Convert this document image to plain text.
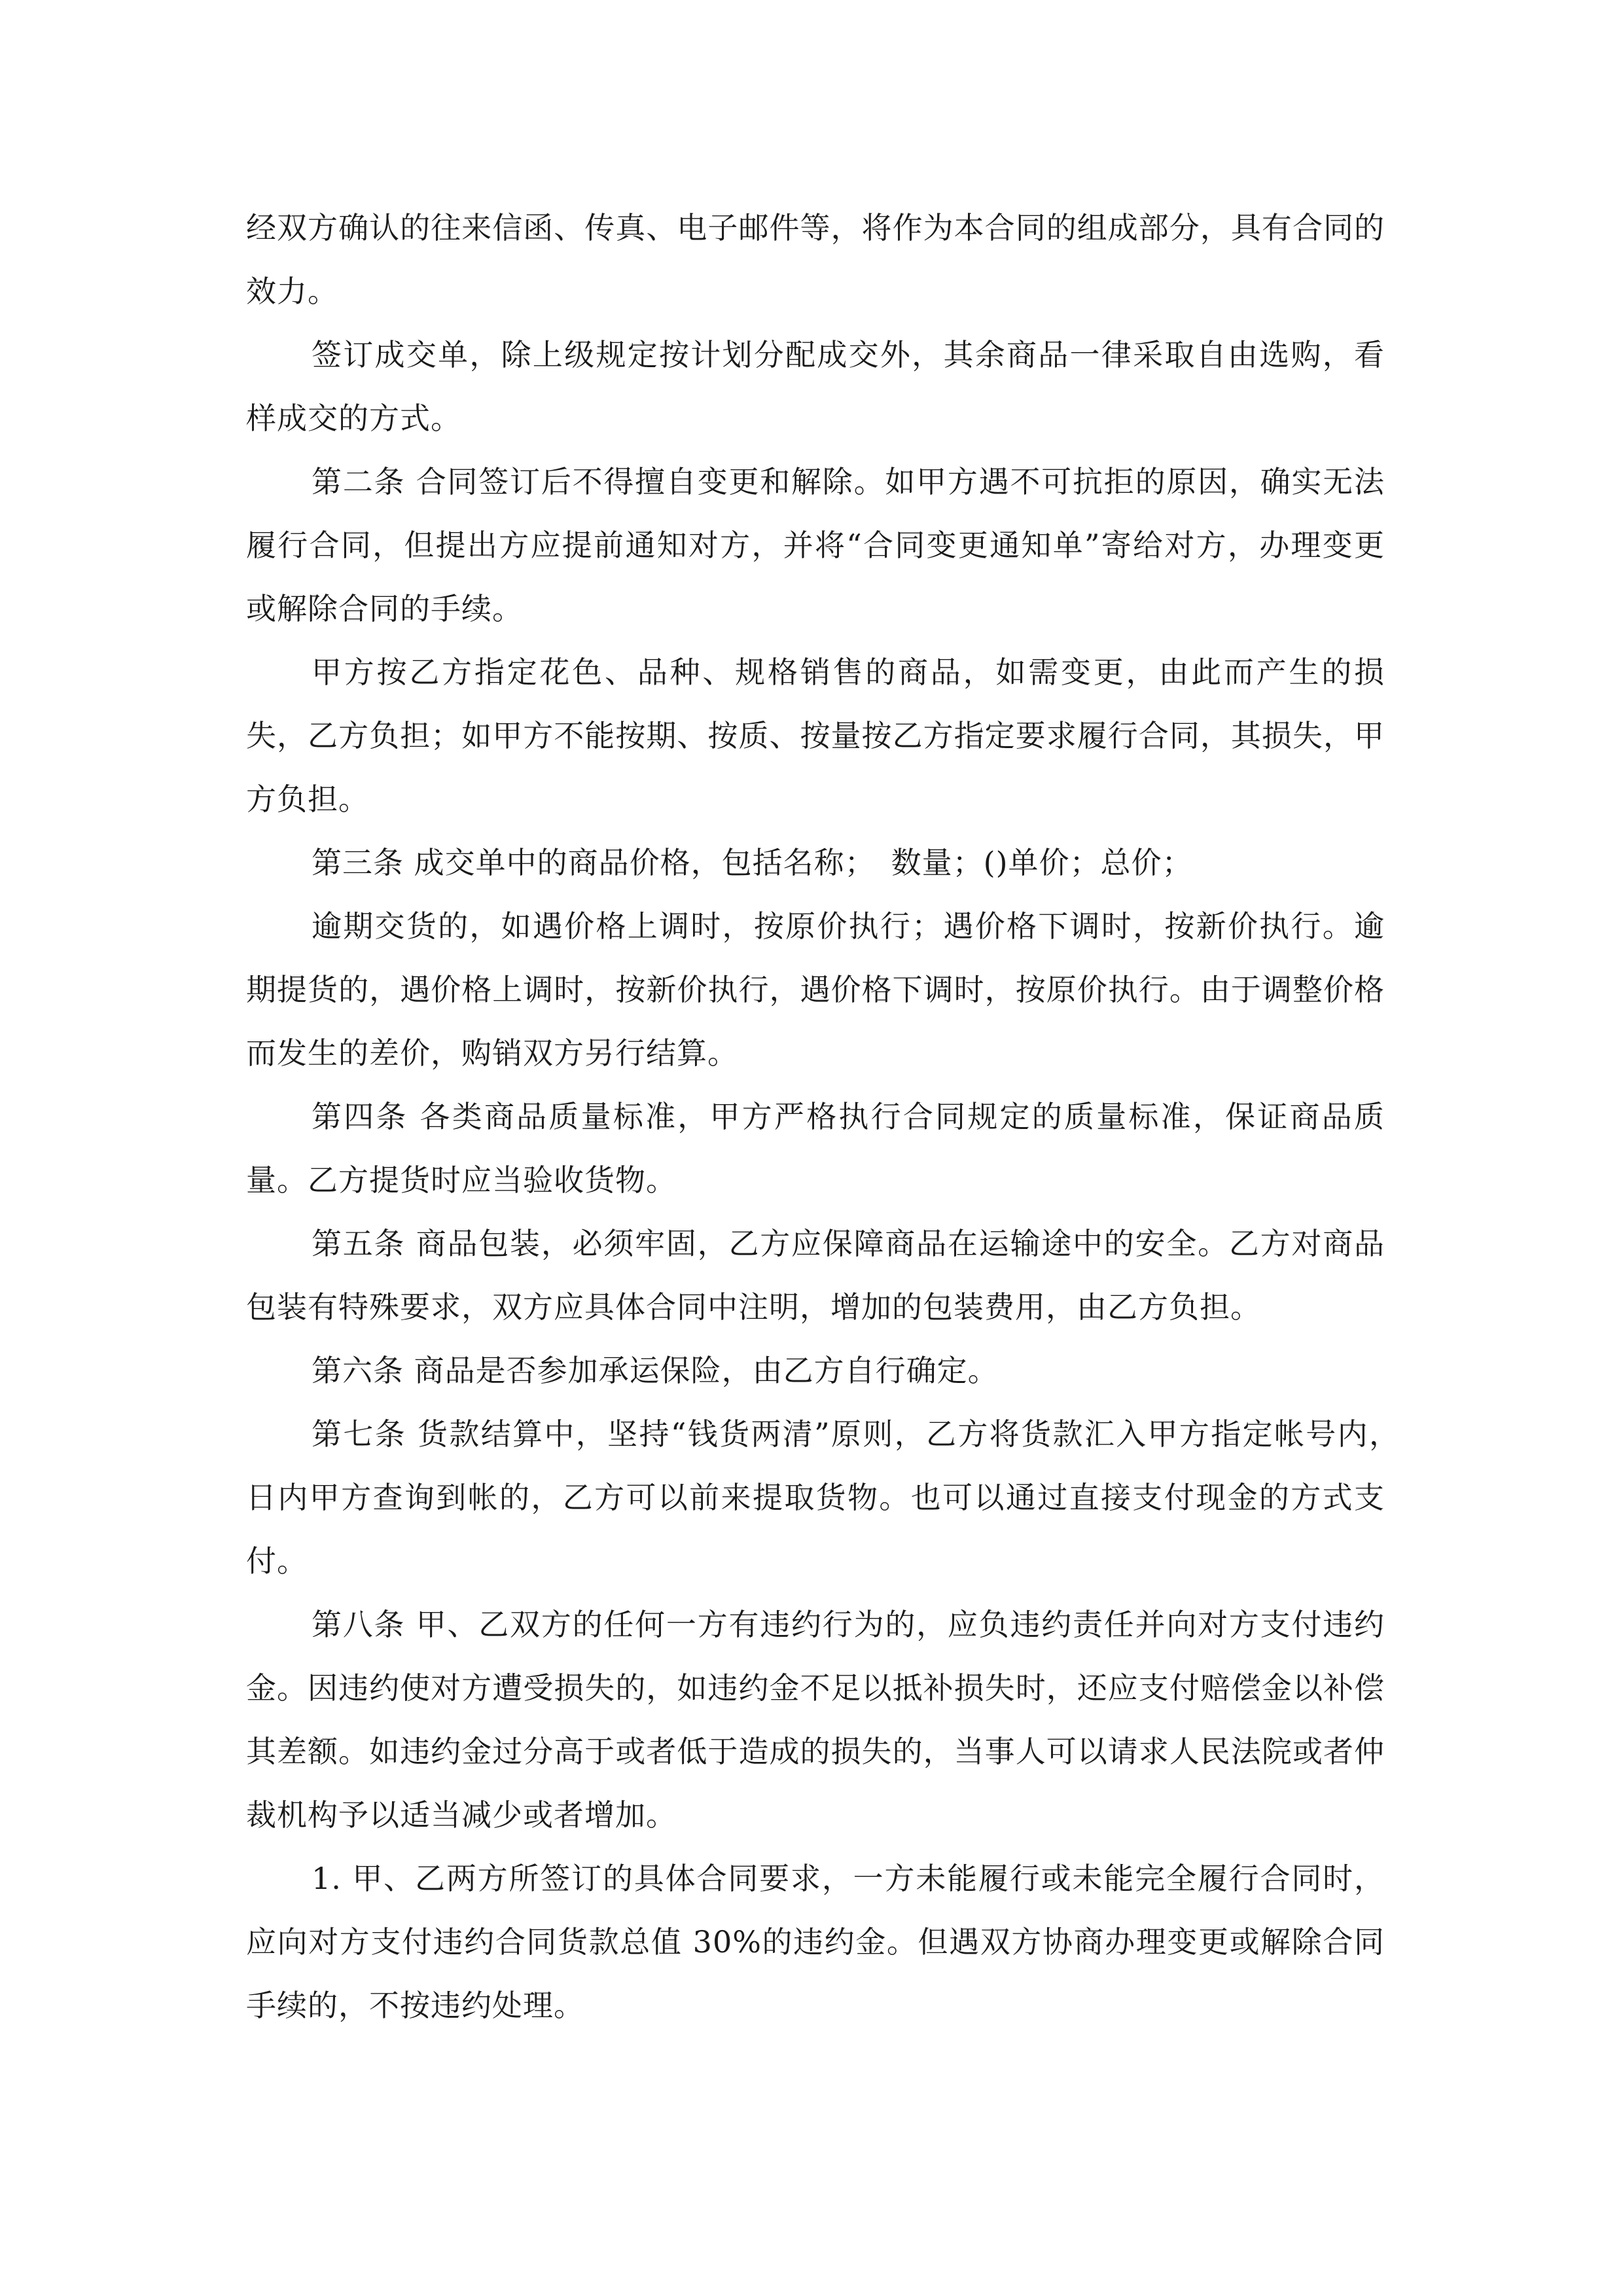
经双方确认的往来信函、传真、电子邮件等，将作为本合同的组成部分，具有合同的效力。

签订成交单，除上级规定按计划分配成交外，其余商品一律采取自由选购，看样成交的方式。

第二条 合同签订后不得擅自变更和解除。如甲方遇不可抗拒的原因，确实无法履行合同，但提出方应提前通知对方，并将“合同变更通知单”寄给对方，办理变更或解除合同的手续。

甲方按乙方指定花色、品种、规格销售的商品，如需变更，由此而产生的损失，乙方负担；如甲方不能按期、按质、按量按乙方指定要求履行合同，其损失，甲方负担。

第三条 成交单中的商品价格，包括名称；　数量；()单价；总价；

逾期交货的，如遇价格上调时，按原价执行；遇价格下调时，按新价执行。逾期提货的，遇价格上调时，按新价执行，遇价格下调时，按原价执行。由于调整价格而发生的差价，购销双方另行结算。

第四条 各类商品质量标准，甲方严格执行合同规定的质量标准，保证商品质量。乙方提货时应当验收货物。

第五条 商品包装，必须牢固，乙方应保障商品在运输途中的安全。乙方对商品包装有特殊要求，双方应具体合同中注明，增加的包装费用，由乙方负担。

第六条 商品是否参加承运保险，由乙方自行确定。

第七条 货款结算中，坚持“钱货两清”原则，乙方将货款汇入甲方指定帐号内，　日内甲方查询到帐的，乙方可以前来提取货物。也可以通过直接支付现金的方式支付。

第八条 甲、乙双方的任何一方有违约行为的，应负违约责任并向对方支付违约金。因违约使对方遭受损失的，如违约金不足以抵补损失时，还应支付赔偿金以补偿其差额。如违约金过分高于或者低于造成的损失的，当事人可以请求人民法院或者仲裁机构予以适当减少或者增加。

1. 甲、乙两方所签订的具体合同要求，一方未能履行或未能完全履行合同时，应向对方支付违约合同货款总值 30%的违约金。但遇双方协商办理变更或解除合同手续的，不按违约处理。
